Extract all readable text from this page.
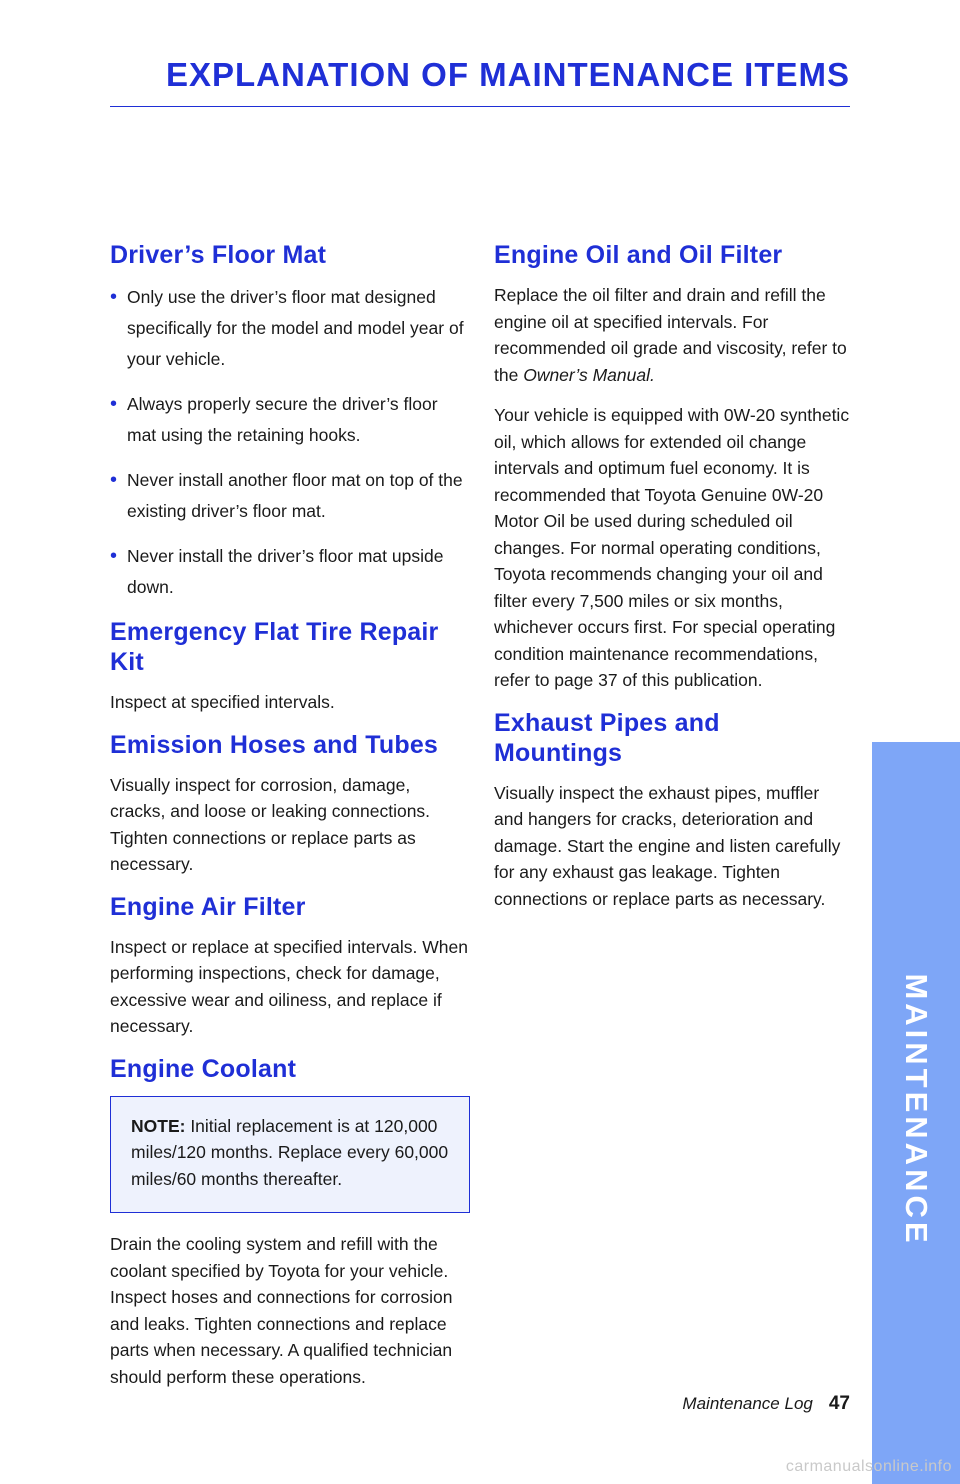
EXPLANATION OF MAINTENANCE ITEMS
Driver’s Floor Mat
• Only use the driver’s floor mat designed specifically for the model and model year of your vehicle.
• Always properly secure the driver’s floor mat using the retaining hooks.
• Never install another floor mat on top of the existing driver’s floor mat.
• Never install the driver’s floor mat upside down.
Emergency Flat Tire Repair Kit

Inspect at specified intervals.

Emission Hoses and Tubes

Visually inspect for corrosion, damage, cracks, and loose or leaking connections. Tighten connections or replace parts as necessary.

Engine Air Filter

Inspect or replace at specified intervals. When performing inspections, check for damage, excessive wear and oiliness, and replace if necessary.

Engine Coolant
NOTE: Initial replacement is at 120,000 miles/120 months. Replace every 60,000 miles/60 months thereafter.

Drain the cooling system and refill with the coolant specified by Toyota for your vehicle. Inspect hoses and connections for corrosion and leaks. Tighten connections and replace parts when necessary. A qualified technician should perform these operations.

Engine Oil and Oil Filter

Replace the oil filter and drain and refill the engine oil at specified intervals. For recommended oil grade and viscosity, refer to the Owner’s Manual.

Your vehicle is equipped with 0W-20 synthetic oil, which allows for extended oil change intervals and optimum fuel economy. It is recommended that Toyota Genuine 0W-20 Motor Oil be used during scheduled oil changes. For normal operating conditions, Toyota recommends changing your oil and filter every 7,500 miles or six months, whichever occurs first. For special operating condition maintenance recommendations, refer to page 37 of this publication.

Exhaust Pipes and Mountings

Visually inspect the exhaust pipes, muffler and hangers for cracks, deterioration and damage. Start the engine and listen carefully for any exhaust gas leakage. Tighten connections or replace parts as necessary.

MAINTENANCE
Maintenance Log 47
carmanualsonline.info
